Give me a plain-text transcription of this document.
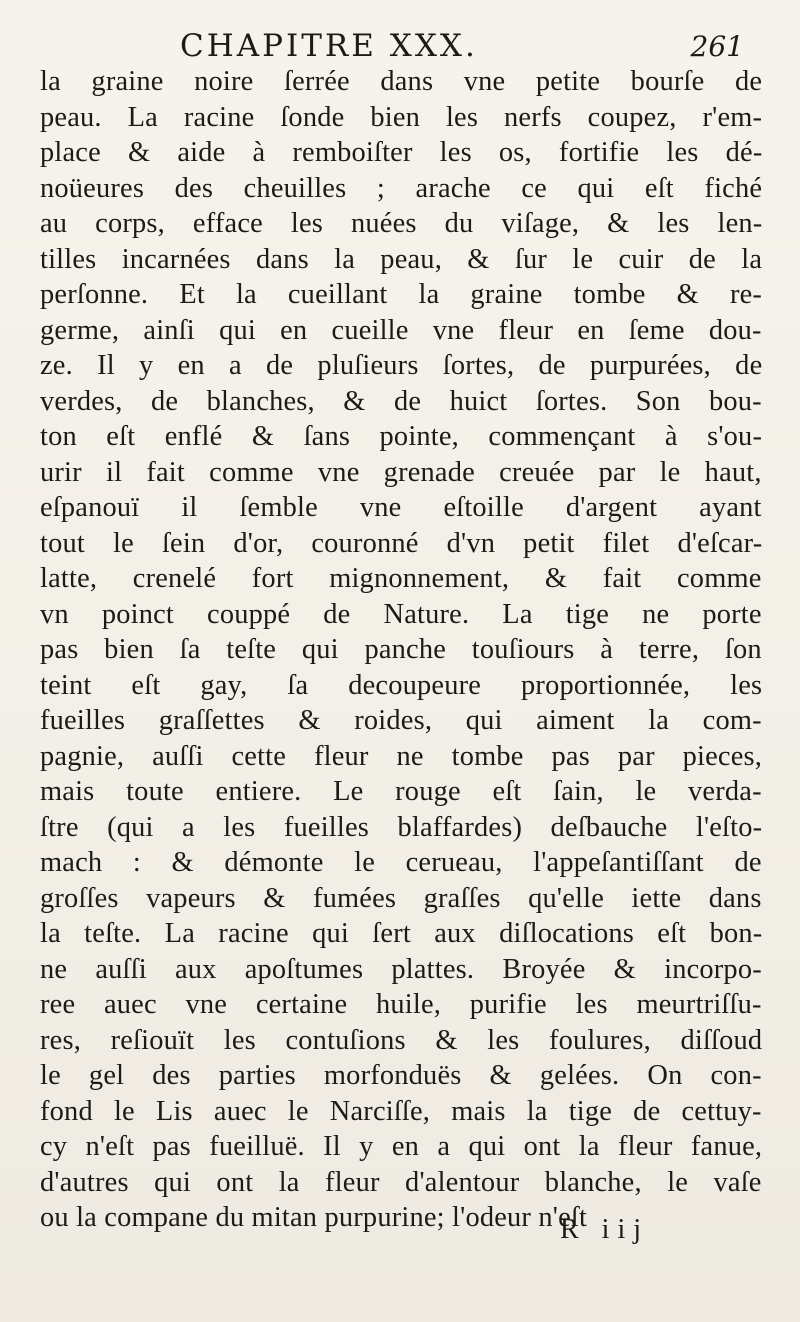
CHAPITRE XXX.	261
la graine noire ſerrée dans vne petite bourſe de
peau. La racine ſonde bien les nerfs coupez, r'em-
place & aide à remboiſter les os, fortifie les dé-
noüeures des cheuilles ; arache ce qui eſt fiché
au corps, efface les nuées du viſage, & les len-
tilles incarnées dans la peau, & ſur le cuir de la
perſonne. Et la cueillant la graine tombe & re-
germe, ainſi qui en cueille vne fleur en ſeme dou-
ze. Il y en a de pluſieurs ſortes, de purpurées, de
verdes, de blanches, & de huict ſortes. Son bou-
ton eſt enflé & ſans pointe, commençant à s'ou-
urir il fait comme vne grenade creuée par le haut,
eſpanouï il ſemble vne eſtoille d'argent ayant
tout le ſein d'or, couronné d'vn petit filet d'eſcar-
latte, crenelé fort mignonnement, & fait comme
vn poinct couppé de Nature. La tige ne porte
pas bien ſa teſte qui panche touſiours à terre, ſon
teint eſt gay, ſa decoupeure proportionnée, les
fueilles graſſettes & roides, qui aiment la com-
pagnie, auſſi cette fleur ne tombe pas par pieces,
mais toute entiere. Le rouge eſt ſain, le verda-
ſtre (qui a les fueilles blaffardes) deſbauche l'eſto-
mach : & démonte le cerueau, l'appeſantiſſant de
groſſes vapeurs & fumées graſſes qu'elle iette dans
la teſte. La racine qui ſert aux diſlocations eſt bon-
ne auſſi aux apoſtumes plattes. Broyée & incorpo-
ree auec vne certaine huile, purifie les meurtriſſu-
res, reſiouït les contuſions & les foulures, diſſoud
le gel des parties morfonduës & gelées. On con-
fond le Lis auec le Narciſſe, mais la tige de cettuy-
cy n'eſt pas fueilluë. Il y en a qui ont la fleur fanue,
d'autres qui ont la fleur d'alentour blanche, le vaſe
ou la compane du mitan purpurine; l'odeur n'eſt
R iij
